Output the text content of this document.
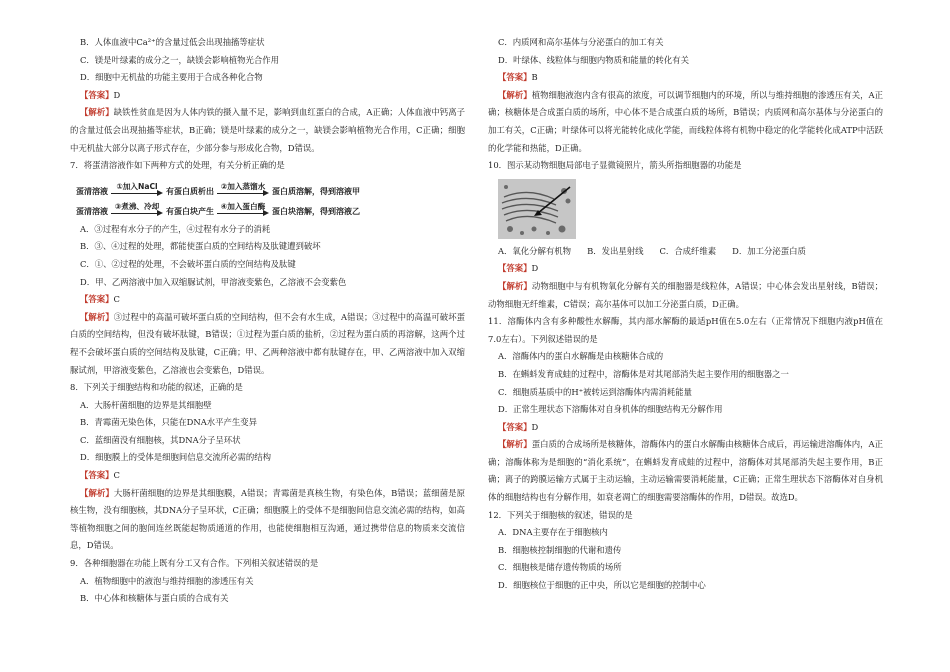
B．人体血液中Ca²⁺的含量过低会出现抽搐等症状
C．镁是叶绿素的成分之一，缺镁会影响植物光合作用
D．细胞中无机盐的功能主要用于合成各种化合物
【答案】D
【解析】缺铁性贫血是因为人体内铁的摄入量不足，影响到血红蛋白的合成，A正确；人体血液中钙离子的含量过低会出现抽搐等症状，B正确；镁是叶绿素的成分之一，缺镁会影响植物光合作用，C正确；细胞中无机盐大部分以离子形式存在，少部分参与形成化合物，D错误。
7．将蛋清溶液作如下两种方式的处理，有关分析正确的是
蛋清溶液
①加入NaCl
有蛋白质析出
②加入蒸馏水
蛋白质溶解，得到溶液甲
蛋清溶液
③煮沸、冷却
有蛋白块产生
④加入蛋白酶
蛋白块溶解，得到溶液乙
A．③过程有水分子的产生，④过程有水分子的消耗
B．③、④过程的处理，都能使蛋白质的空间结构及肽键遭到破坏
C．①、②过程的处理，不会破坏蛋白质的空间结构及肽键
D．甲、乙两溶液中加入双缩脲试剂，甲溶液变紫色，乙溶液不会变紫色
【答案】C
【解析】③过程中的高温可破坏蛋白质的空间结构，但不会有水生成，A错误；③过程中的高温可破坏蛋白质的空间结构，但没有破坏肽键，B错误；①过程为蛋白质的盐析，②过程为蛋白质的再溶解，这两个过程不会破坏蛋白质的空间结构及肽键，C正确；甲、乙两种溶液中都有肽键存在，甲、乙两溶液中加入双缩脲试剂，甲溶液变紫色，乙溶液也会变紫色，D错误。
8．下列关于细胞结构和功能的叙述，正确的是
A．大肠杆菌细胞的边界是其细胞壁
B．青霉菌无染色体，只能在DNA水平产生变异
C．蓝细菌没有细胞核，其DNA分子呈环状
D．细胞膜上的受体是细胞间信息交流所必需的结构
【答案】C
【解析】大肠杆菌细胞的边界是其细胞膜，A错误；青霉菌是真核生物，有染色体，B错误；蓝细菌是原核生物，没有细胞核，其DNA分子呈环状，C正确；细胞膜上的受体不是细胞间信息交流必需的结构，如高等植物细胞之间的胞间连丝既能起物质通道的作用，也能使细胞相互沟通，通过携带信息的物质来交流信息，D错误。
9．各种细胞器在功能上既有分工又有合作。下列相关叙述错误的是
A．植物细胞中的液泡与维持细胞的渗透压有关
B．中心体和核糖体与蛋白质的合成有关
C．内质网和高尔基体与分泌蛋白的加工有关
D．叶绿体、线粒体与细胞内物质和能量的转化有关
【答案】B
【解析】植物细胞液泡内含有很高的浓度，可以调节细胞内的环境，所以与维持细胞的渗透压有关，A正确；核糖体是合成蛋白质的场所，中心体不是合成蛋白质的场所，B错误；内质网和高尔基体与分泌蛋白的加工有关，C正确；叶绿体可以将光能转化成化学能，而线粒体将有机物中稳定的化学能转化成ATP中活跃的化学能和热能，D正确。
10．图示某动物细胞局部电子显微镜照片，箭头所指细胞器的功能是
A．氧化分解有机物 B．发出星射线 C．合成纤维素 D．加工分泌蛋白质
【答案】D
【解析】动物细胞中与有机物氧化分解有关的细胞器是线粒体，A错误；中心体会发出星射线，B错误；动物细胞无纤维素，C错误；高尔基体可以加工分泌蛋白质，D正确。
11．溶酶体内含有多种酸性水解酶，其内部水解酶的最适pH值在5.0左右（正常情况下细胞内液pH值在7.0左右）。下列叙述错误的是
A．溶酶体内的蛋白水解酶是由核糖体合成的
B．在蝌蚪发育成蛙的过程中，溶酶体是对其尾部消失起主要作用的细胞器之一
C．细胞质基质中的H⁺被转运到溶酶体内需消耗能量
D．正常生理状态下溶酶体对自身机体的细胞结构无分解作用
【答案】D
【解析】蛋白质的合成场所是核糖体，溶酶体内的蛋白水解酶由核糖体合成后，再运输进溶酶体内，A正确；溶酶体称为是细胞的“消化系统”，在蝌蚪发育成蛙的过程中，溶酶体对其尾部消失起主要作用，B正确；离子的跨膜运输方式属于主动运输，主动运输需要消耗能量，C正确；正常生理状态下溶酶体对自身机体的细胞结构也有分解作用，如衰老凋亡的细胞需要溶酶体的作用，D错误。故选D。
12．下列关于细胞核的叙述，错误的是
A．DNA主要存在于细胞核内
B．细胞核控制细胞的代谢和遗传
C．细胞核是储存遗传物质的场所
D．细胞核位于细胞的正中央，所以它是细胞的控制中心
